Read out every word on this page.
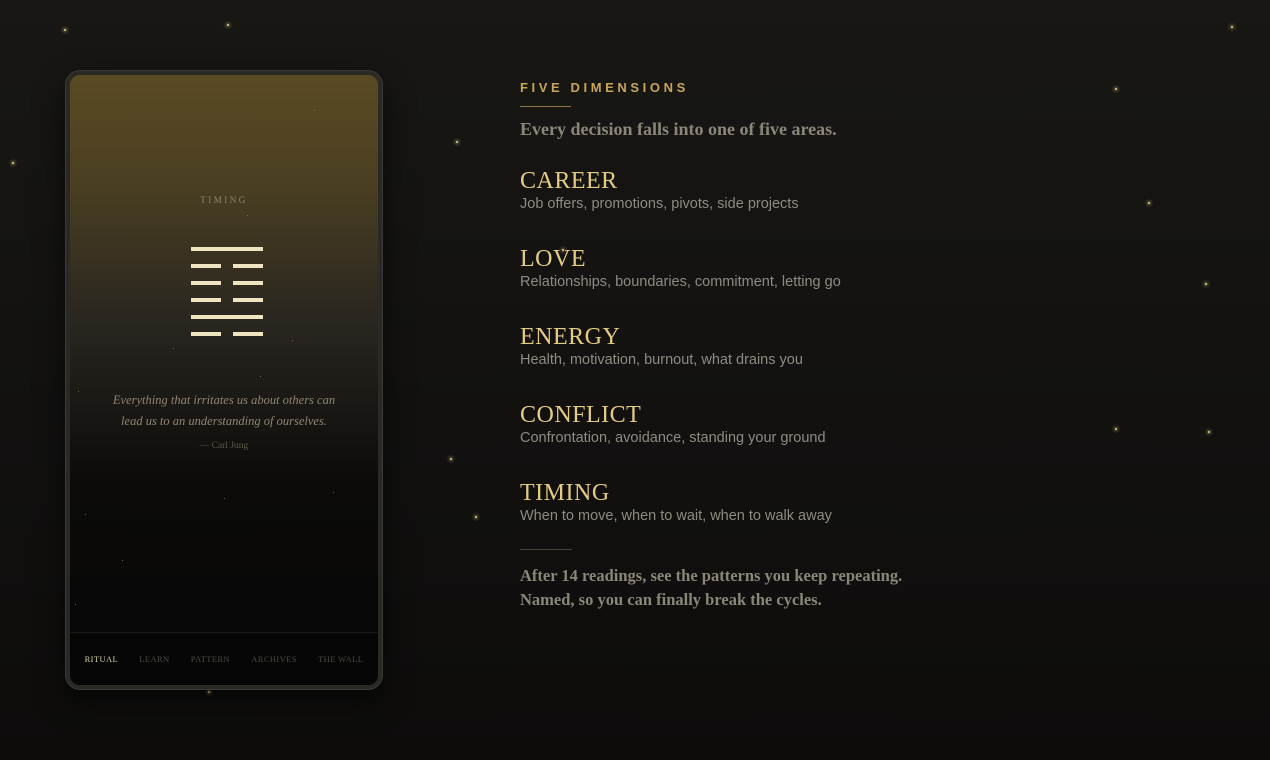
TIMING
Everything that irritates us about others can lead us to an understanding of ourselves.
— Carl Jung
RITUAL LEARN PATTERN ARCHIVES THE WALL
FIVE DIMENSIONS
Every decision falls into one of five areas.
CAREER
Job offers, promotions, pivots, side projects
LOVE
Relationships, boundaries, commitment, letting go
ENERGY
Health, motivation, burnout, what drains you
CONFLICT
Confrontation, avoidance, standing your ground
TIMING
When to move, when to wait, when to walk away
After 14 readings, see the patterns you keep repeating.
Named, so you can finally break the cycles.
